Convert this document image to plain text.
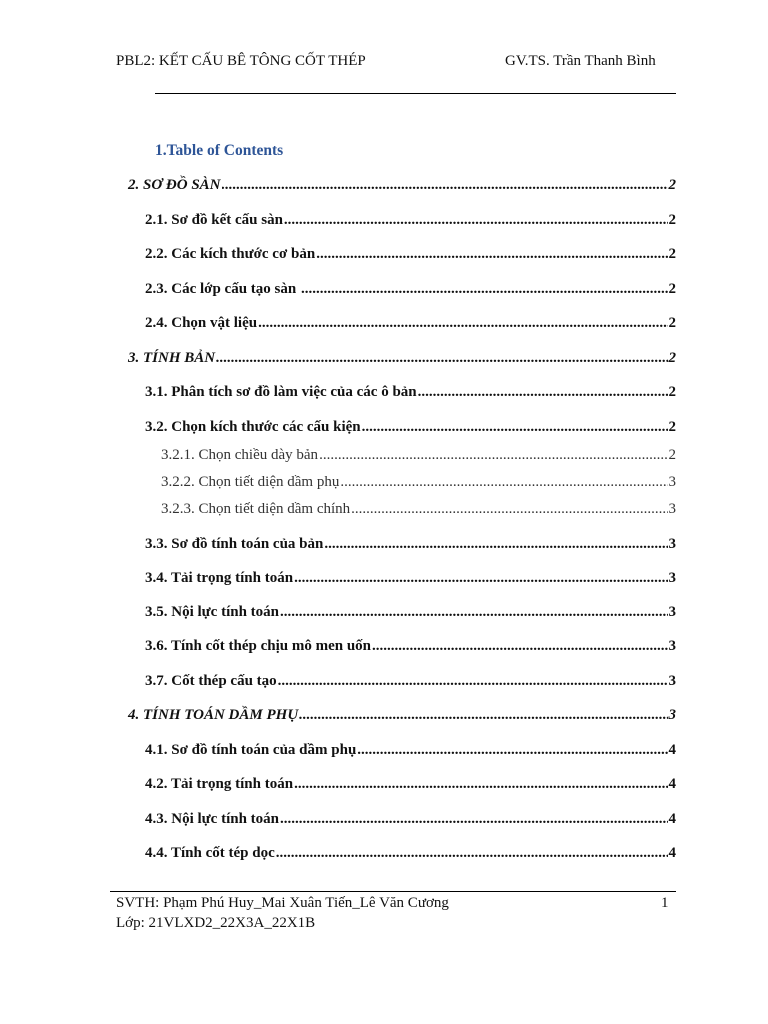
PBL2: KẾT CẤU BÊ TÔNG CỐT THÉP	GV.TS. Trần Thanh Bình
1.Table of Contents
2. SƠ ĐỒ SÀN .....	2
2.1. Sơ đồ kết cấu sàn .....	2
2.2. Các kích thước cơ bản .....	2
2.3. Các lớp cấu tạo sàn .....	2
2.4. Chọn vật liệu .....	2
3. TÍNH BẢN .....	2
3.1. Phân tích sơ đồ làm việc của các ô bản .....	2
3.2. Chọn kích thước các cấu kiện .....	2
3.2.1. Chọn chiều dày bản .....	2
3.2.2. Chọn tiết diện dầm phụ .....	3
3.2.3. Chọn tiết diện dầm chính .....	3
3.3. Sơ đồ tính toán của bản .....	3
3.4. Tải trọng tính toán .....	3
3.5. Nội lực tính toán .....	3
3.6. Tính cốt thép chịu mô men uốn .....	3
3.7. Cốt thép cấu tạo .....	3
4. TÍNH TOÁN DẦM PHỤ .....	3
4.1. Sơ đồ tính toán của dầm phụ .....	4
4.2. Tải trọng tính toán .....	4
4.3. Nội lực tính toán .....	4
4.4. Tính cốt tép dọc .....	4
SVTH: Phạm Phú Huy_Mai Xuân Tiến_Lê Văn Cương	1
Lớp: 21VLXD2_22X3A_22X1B
